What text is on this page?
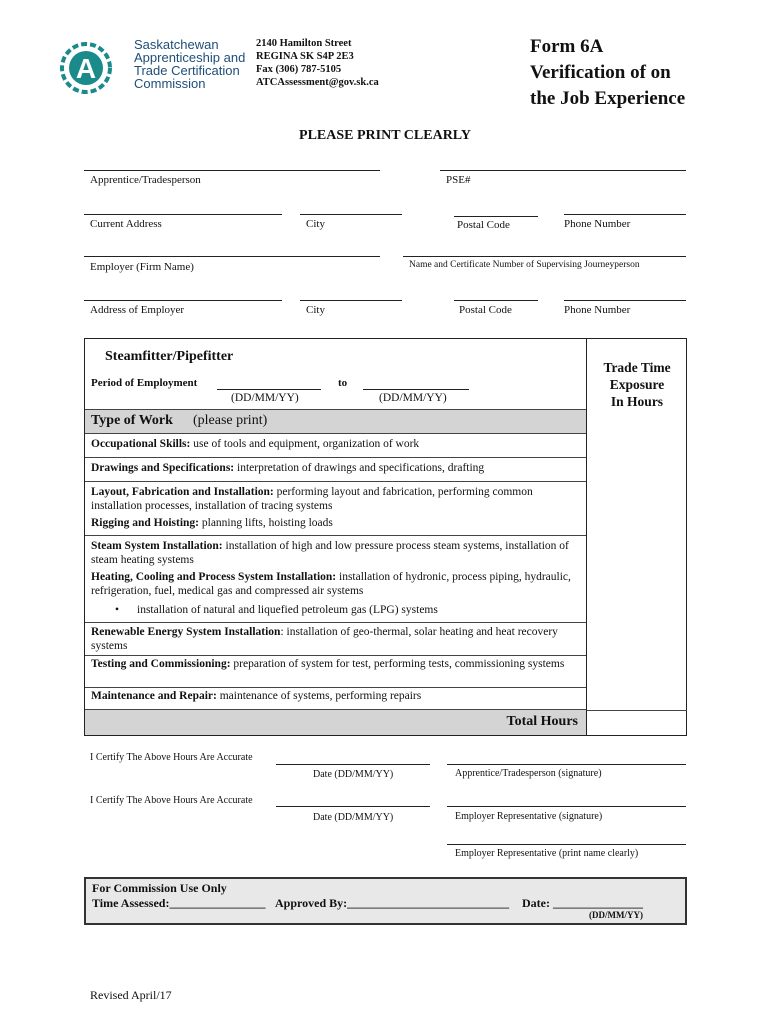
A
Saskatchewan
Apprenticeship and
Trade Certification
Commission
2140 Hamilton Street
REGINA SK S4P 2E3
Fax (306) 787-5105
ATCAssessment@gov.sk.ca
Form 6A
Verification of on
the Job Experience
PLEASE PRINT CLEARLY
Apprentice/Tradesperson	PSE#
Current Address	City	Postal Code	Phone Number
Employer (Firm Name)	Name and Certificate Number of Supervising Journeyperson
Address of Employer	City	Postal Code	Phone Number
Steamfitter/Pipefitter
Period of Employment	to
(DD/MM/YY)	(DD/MM/YY)
Trade Time
Exposure
In Hours
Type of Work (please print)
Occupational Skills: use of tools and equipment, organization of work
Drawings and Specifications: interpretation of drawings and specifications, drafting
Layout, Fabrication and Installation: performing layout and fabrication, performing common installation processes, installation of tracing systems
Rigging and Hoisting: planning lifts, hoisting loads
Steam System Installation: installation of high and low pressure process steam systems, installation of steam heating systems
Heating, Cooling and Process System Installation: installation of hydronic, process piping, hydraulic, refrigeration, fuel, medical gas and compressed air systems
• installation of natural and liquefied petroleum gas (LPG) systems
Renewable Energy System Installation: installation of geo-thermal, solar heating and heat recovery systems
Testing and Commissioning: preparation of system for test, performing tests, commissioning systems
Maintenance and Repair: maintenance of systems, performing repairs
Total Hours
I Certify The Above Hours Are Accurate
Date (DD/MM/YY)	Apprentice/Tradesperson (signature)
I Certify The Above Hours Are Accurate
Date (DD/MM/YY)	Employer Representative (signature)
Employer Representative (print name clearly)
For Commission Use Only
Time Assessed:________________ Approved By:___________________________ Date: _______________
(DD/MM/YY)
Revised April/17
